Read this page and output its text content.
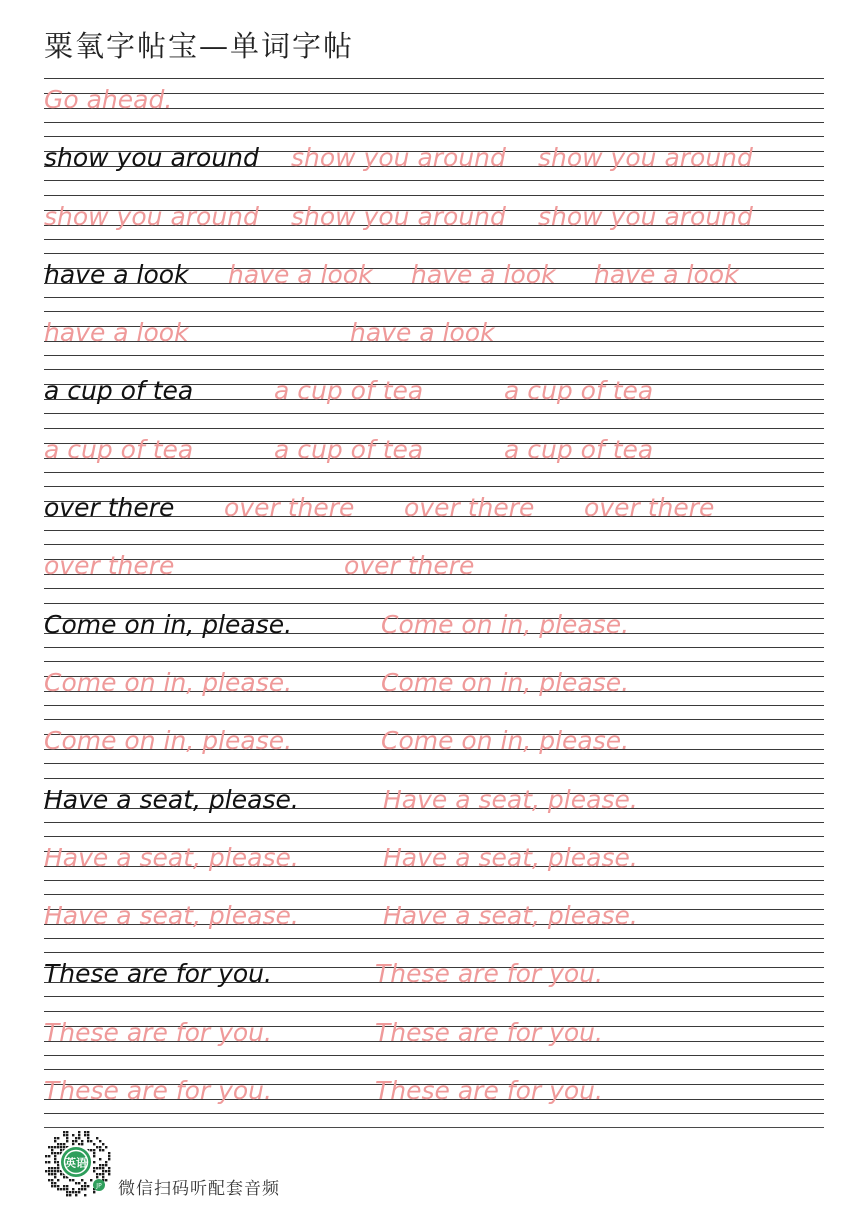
粟氧字帖宝—单词字帖
Go ahead.
show you around show you around show you around
show you around show you around show you around
have a look have a look have a look have a look
have a look	have a look
a cup of tea	a cup of tea	a cup of tea
a cup of tea	a cup of tea	a cup of tea
over there over there over there over there
over there	over there
Come on in, please.	Come on in, please.
Come on in, please.	Come on in, please.
Come on in, please.	Come on in, please.
Have a seat, please.	Have a seat, please.
Have a seat, please.	Have a seat, please.
Have a seat, please.	Have a seat, please.
These are for you.	These are for you.
These are for you.	These are for you.
These are for you.	These are for you.
英语
JP 微信扫码听配套音频
